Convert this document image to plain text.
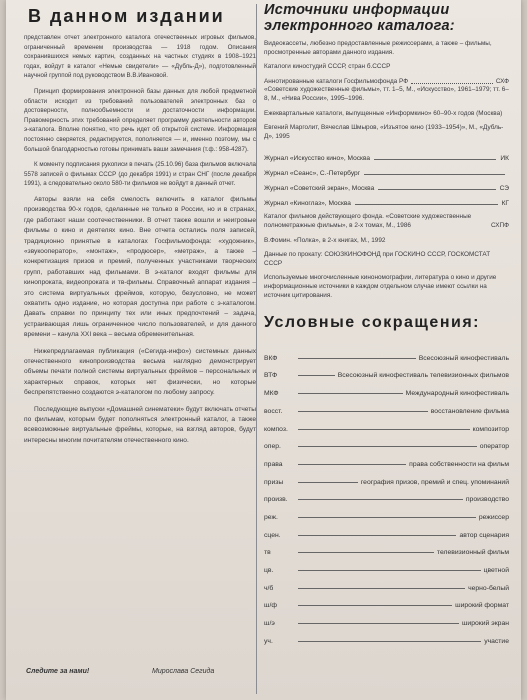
В данном издании

представлен отчет электронного каталога отечественных игровых фильмов, ограниченный временем производства — 1918 годом. Описания сохранившихся немых картин, созданных на частных студиях в 1908–1921 годах, войдут в каталог «Немые свидетели» — «Дубль-Д»), подготовленный научной группой под руководством В.В.Ивановой.

Принцип формирования электронной базы данных для любой предметной области исходит из требований пользователей электронных баз о достоверности, полнообъемности и достаточности информации. Правомерность этих требований определяет программу деятельности авторов э-каталога. Вполне понятно, что речь идет об открытой системе. Информация постоянно сверяется, редактируется, пополняется — и, именно поэтому, мы с большой благодарностью готовы принимать ваши замечания (т.ф.: 958-4287).

К моменту подписания рукописи в печать (25.10.96) база фильмов включала 5578 записей о фильмах СССР (до декабря 1991) и стран СНГ (после декабря 1991), а следовательно около 580-ти фильмов не войдут в данный отчет.

Авторы взяли на себя смелость включить в каталог фильмы производства 90-х годов, сделанные не только в России, но и в странах, где работают наши соотечественники. В отчет также вошли и неигровые фильмы о кино и деятелях кино. Вне отчета остались поля записей, традиционно принятые в каталогах Госфильмофонда: «художник», «звукооператор», «монтаж», «продюсер», «метраж», а также – конкретизация призов и премий, полученных участниками творческих групп, работавших над фильмами. В э-каталог входят фильмы для кинопроката, видеопроката и тв-фильмы. Справочный аппарат издания – это система виртуальных фреймов, которую, безусловно, не может охватить одно издание, но которая доступна при работе с э-каталогом. Давать справки по принципу тех или иных предпочтений – задача, устраивающая лишь ограниченное число пользователей, и для данного времени – канула XXI века – весьма обременительная.

Нижепредлагаемая публикация («Сегида-инфо») системных данных отечественного кинопроизводства весьма наглядно демонстрирует объемы печати полной системы виртуальных фреймов – персональных и характерных справок, которых нет физически, но которые беспрепятственно создаются э-каталогом по любому запросу.

Последующие выпуски «Домашней синематеки» будут включать отчеты по фильмам, которым будет пополняться электронный каталог, а также всевозможные виртуальные фреймы, которые, на взгляд авторов, будут интересны многим почитателям отечественного кино.

Следите за нами!	Мирослава Сегида
Источники информации электронного каталога:
Видеокассеты, любезно предоставленные режиссерами, а также – фильмы, просмотренные авторами данного издания.
Каталоги киностудий СССР, стран б.СССР
Аннотированные каталоги Госфильмофонда РФ	СХФ
«Советские художественные фильмы», тт. 1–5, М., «Искусство», 1961–1979; тт. 6–8, М., «Нива России», 1995–1996.
Ежеквартальные каталоги, выпущенные «Информкино» 60–90-х годов (Москва)
Евгений Марголит, Вячеслав Шмыров, «Изъятое кино (1933–1954)», М., «Дубль-Д», 1995
Журнал «Искусство кино», Москва	ИК
Журнал «Сеанс», С.-Петербург
Журнал «Советский экран», Москва	СЭ
Журнал «Киноглаз», Москва	КГ
Каталог фильмов действующего фонда. «Советские художественные полнометражные фильмы», в 2-х томах, М., 1986	СХПФ
В.Фомин. «Полка», в 2-х книгах, М., 1992
Данные по прокату: СОЮЗКИНОФОНД при ГОСКИНО СССР, ГОСКОМСТАТ СССР
Используемые многочисленные кинономографии, литература о кино и другие информационные источники в каждом отдельном случае имеют ссылки на источник цитирования.
Условные сокращения:
ВКФ	Всесоюзный кинофестиваль
ВТФ	Всесоюзный кинофестиваль телевизионных фильмов
МКФ	Международный кинофестиваль
восст.	восстановление фильма
композ.	композитор
опер.	оператор
права	права собственности на фильм
призы	география призов, премий и спец. упоминаний
произв.	производство
реж.	режиссер
сцен.	автор сценария
тв	телевизионный фильм
цв.	цветной
ч/б	черно-белый
ш/ф	широкий формат
ш/э	широкий экран
уч.	участие
